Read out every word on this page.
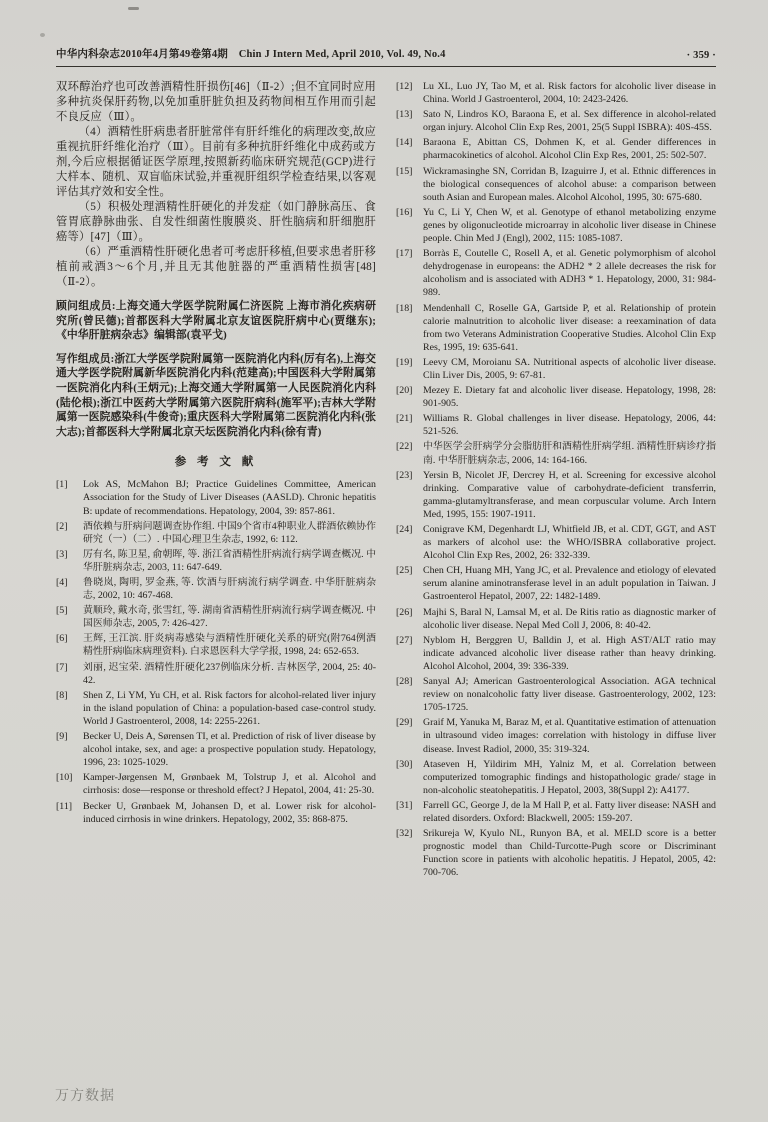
中华内科杂志2010年4月第49卷第4期　Chin J Intern Med, April 2010, Vol. 49, No.4	· 359 ·

双环醇治疗也可改善酒精性肝损伤[46]（Ⅱ-2）;但不宜同时应用多种抗炎保肝药物,以免加重肝脏负担及药物间相互作用而引起不良反应（Ⅲ）。

（4）酒精性肝病患者肝脏常伴有肝纤维化的病理改变,故应重视抗肝纤维化治疗（Ⅲ）。目前有多种抗肝纤维化中成药或方剂,今后应根据循证医学原理,按照新药临床研究规范(GCP)进行大样本、随机、双盲临床试验,并重视肝组织学检查结果,以客观评估其疗效和安全性。

（5）积极处理酒精性肝硬化的并发症（如门静脉高压、食管胃底静脉曲张、自发性细菌性腹膜炎、肝性脑病和肝细胞肝癌等）[47]（Ⅲ）。

（6）严重酒精性肝硬化患者可考虑肝移植,但要求患者肝移植前戒酒3～6个月,并且无其他脏器的严重酒精性损害[48]（Ⅱ-2）。

顾问组成员:上海交通大学医学院附属仁济医院 上海市消化疾病研究所(曾民德);首都医科大学附属北京友谊医院肝病中心(贾继东);《中华肝脏病杂志》编辑部(袁平戈)

写作组成员:浙江大学医学院附属第一医院消化内科(厉有名),上海交通大学医学院附属新华医院消化内科(范建高);中国医科大学附属第一医院消化内科(王炳元);上海交通大学附属第一人民医院消化内科(陆伦根);浙江中医药大学附属第六医院肝病科(施军平);吉林大学附属第一医院感染科(牛俊奇);重庆医科大学附属第二医院消化内科(张大志);首都医科大学附属北京天坛医院消化内科(徐有青)

参 考 文 献
[1]	Lok AS, McMahon BJ; Practice Guidelines Committee, American Association for the Study of Liver Diseases (AASLD). Chronic hepatitis B: update of recommendations. Hepatology, 2004, 39: 857-861.
[2]	酒依赖与肝病问题调查协作组. 中国9个省市4种职业人群酒依赖协作研究（一）（二）. 中国心理卫生杂志, 1992, 6: 112.
[3]	厉有名, 陈卫星, 俞朝晖, 等. 浙江省酒精性肝病流行病学调查概况. 中华肝脏病杂志, 2003, 11: 647-649.
[4]	鲁晓岚, 陶明, 罗金燕, 等. 饮酒与肝病流行病学调查. 中华肝脏病杂志, 2002, 10: 467-468.
[5]	黄顺玲, 戴水奇, 张雪红, 等. 湖南省酒精性肝病流行病学调查概况. 中国医师杂志, 2005, 7: 426-427.
[6]	王辉, 王江滨. 肝炎病毒感染与酒精性肝硬化关系的研究(附764例酒精性肝病临床病理资料). 白求恩医科大学学报, 1998, 24: 652-653.
[7]	刘丽, 迟宝荣. 酒精性肝硬化237例临床分析. 吉林医学, 2004, 25: 40-42.
[8]	Shen Z, Li YM, Yu CH, et al. Risk factors for alcohol-related liver injury in the island population of China: a population-based case-control study. World J Gastroenterol, 2008, 14: 2255-2261.
[9]	Becker U, Deis A, Sørensen TI, et al. Prediction of risk of liver disease by alcohol intake, sex, and age: a prospective population study. Hepatology, 1996, 23: 1025-1029.
[10]	Kamper-Jørgensen M, Grønbaek M, Tolstrup J, et al. Alcohol and cirrhosis: dose—response or threshold effect? J Hepatol, 2004, 41: 25-30.
[11]	Becker U, Grønbaek M, Johansen D, et al. Lower risk for alcohol-induced cirrhosis in wine drinkers. Hepatology, 2002, 35: 868-875.
[12]	Lu XL, Luo JY, Tao M, et al. Risk factors for alcoholic liver disease in China. World J Gastroenterol, 2004, 10: 2423-2426.
[13]	Sato N, Lindros KO, Baraona E, et al. Sex difference in alcohol-related organ injury. Alcohol Clin Exp Res, 2001, 25(5 Suppl ISBRA): 40S-45S.
[14]	Baraona E, Abittan CS, Dohmen K, et al. Gender differences in pharmacokinetics of alcohol. Alcohol Clin Exp Res, 2001, 25: 502-507.
[15]	Wickramasinghe SN, Corridan B, Izaguirre J, et al. Ethnic differences in the biological consequences of alcohol abuse: a comparison between south Asian and European males. Alcohol Alcohol, 1995, 30: 675-680.
[16]	Yu C, Li Y, Chen W, et al. Genotype of ethanol metabolizing enzyme genes by oligonucleotide microarray in alcoholic liver disease in Chinese people. Chin Med J (Engl), 2002, 115: 1085-1087.
[17]	Borràs E, Coutelle C, Rosell A, et al. Genetic polymorphism of alcohol dehydrogenase in europeans: the ADH2 * 2 allele decreases the risk for alcoholism and is associated with ADH3 * 1. Hepatology, 2000, 31: 984-989.
[18]	Mendenhall C, Roselle GA, Gartside P, et al. Relationship of protein calorie malnutrition to alcoholic liver disease: a reexamination of data from two Veterans Administration Cooperative Studies. Alcohol Clin Exp Res, 1995, 19: 635-641.
[19]	Leevy CM, Moroianu SA. Nutritional aspects of alcoholic liver disease. Clin Liver Dis, 2005, 9: 67-81.
[20]	Mezey E. Dietary fat and alcoholic liver disease. Hepatology, 1998, 28: 901-905.
[21]	Williams R. Global challenges in liver disease. Hepatology, 2006, 44: 521-526.
[22]	中华医学会肝病学分会脂肪肝和酒精性肝病学组. 酒精性肝病诊疗指南. 中华肝脏病杂志, 2006, 14: 164-166.
[23]	Yersin B, Nicolet JF, Dercrey H, et al. Screening for excessive alcohol drinking. Comparative value of carbohydrate-deficient transferrin, gamma-glutamyltransferase, and mean corpuscular volume. Arch Intern Med, 1995, 155: 1907-1911.
[24]	Conigrave KM, Degenhardt LJ, Whitfield JB, et al. CDT, GGT, and AST as markers of alcohol use: the WHO/ISBRA collaborative project. Alcohol Clin Exp Res, 2002, 26: 332-339.
[25]	Chen CH, Huang MH, Yang JC, et al. Prevalence and etiology of elevated serum alanine aminotransferase level in an adult population in Taiwan. J Gastroenterol Hepatol, 2007, 22: 1482-1489.
[26]	Majhi S, Baral N, Lamsal M, et al. De Ritis ratio as diagnostic marker of alcoholic liver disease. Nepal Med Coll J, 2006, 8: 40-42.
[27]	Nyblom H, Berggren U, Balldin J, et al. High AST/ALT ratio may indicate advanced alcoholic liver disease rather than heavy drinking. Alcohol Alcohol, 2004, 39: 336-339.
[28]	Sanyal AJ; American Gastroenterological Association. AGA technical review on nonalcoholic fatty liver disease. Gastroenterology, 2002, 123: 1705-1725.
[29]	Graif M, Yanuka M, Baraz M, et al. Quantitative estimation of attenuation in ultrasound video images: correlation with histology in diffuse liver disease. Invest Radiol, 2000, 35: 319-324.
[30]	Ataseven H, Yildirim MH, Yalniz M, et al. Correlation between computerized tomographic findings and histopathologic grade/ stage in non-alcoholic steatohepatitis. J Hepatol, 2003, 38(Suppl 2): A4177.
[31]	Farrell GC, George J, de la M Hall P, et al. Fatty liver disease: NASH and related disorders. Oxford: Blackwell, 2005: 159-207.
[32]	Srikureja W, Kyulo NL, Runyon BA, et al. MELD score is a better prognostic model than Child-Turcotte-Pugh score or Discriminant Function score in patients with alcoholic hepatitis. J Hepatol, 2005, 42: 700-706.
万方数据
